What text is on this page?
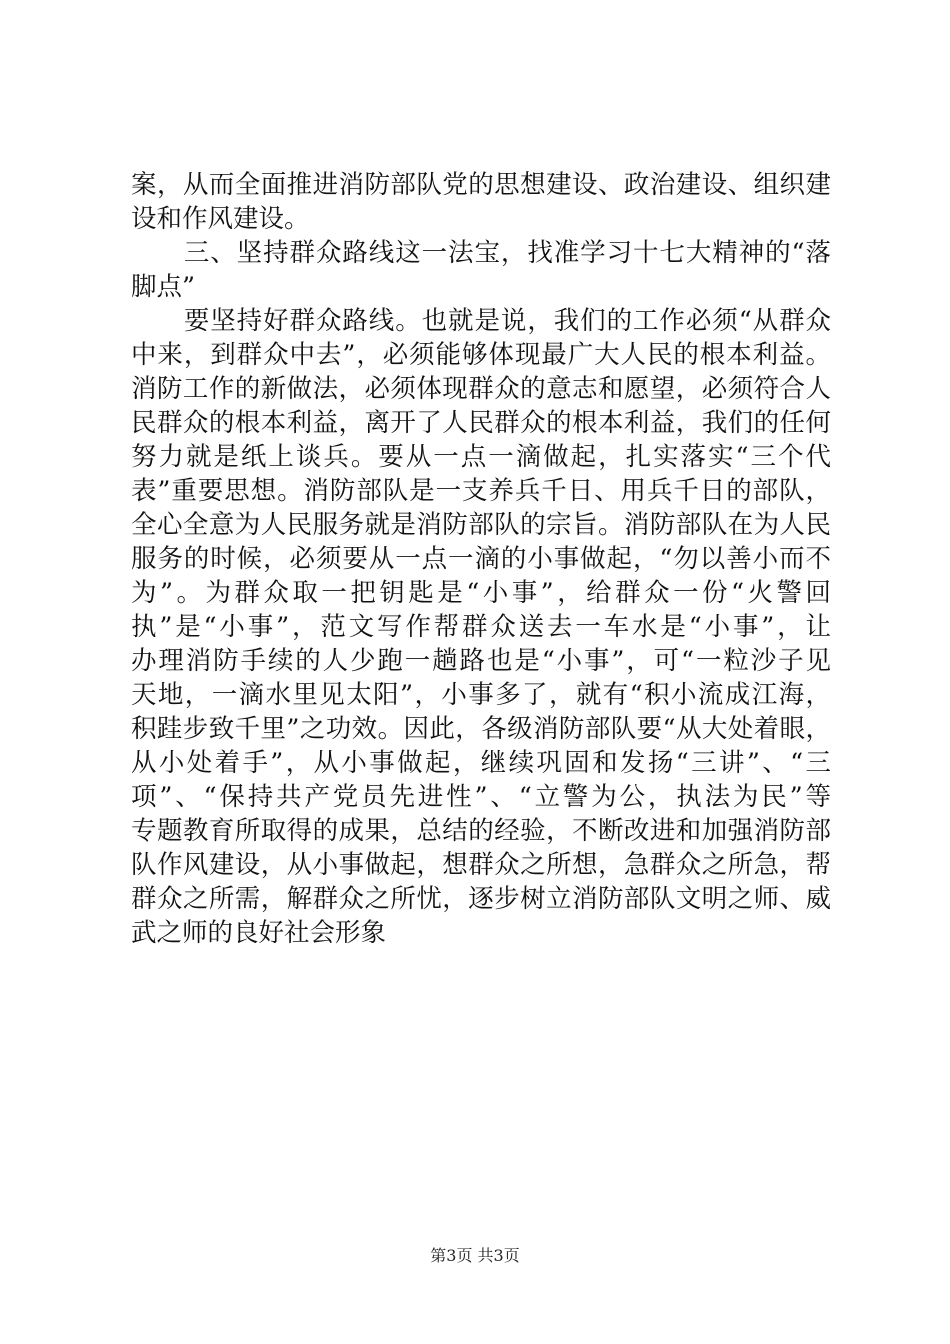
案，从而全面推进消防部队党的思想建设、政治建设、组织建
设和作风建设。
　　三、坚持群众路线这一法宝，找准学习十七大精神的“落
脚点”
　　要坚持好群众路线。也就是说，我们的工作必须“从群众
中来，到群众中去”，必须能够体现最广大人民的根本利益。
消防工作的新做法，必须体现群众的意志和愿望，必须符合人
民群众的根本利益，离开了人民群众的根本利益，我们的任何
努力就是纸上谈兵。要从一点一滴做起，扎实落实“三个代
表”重要思想。消防部队是一支养兵千日、用兵千日的部队，
全心全意为人民服务就是消防部队的宗旨。消防部队在为人民
服务的时候，必须要从一点一滴的小事做起，“勿以善小而不
为”。为群众取一把钥匙是“小事”，给群众一份“火警回
执”是“小事”，范文写作帮群众送去一车水是“小事”，让
办理消防手续的人少跑一趟路也是“小事”，可“一粒沙子见
天地，一滴水里见太阳”，小事多了，就有“积小流成江海，
积跬步致千里”之功效。因此，各级消防部队要“从大处着眼，
从小处着手”，从小事做起，继续巩固和发扬“三讲”、“三
项”、“保持共产党员先进性”、“立警为公，执法为民”等
专题教育所取得的成果，总结的经验，不断改进和加强消防部
队作风建设，从小事做起，想群众之所想，急群众之所急，帮
群众之所需，解群众之所忧，逐步树立消防部队文明之师、威
武之师的良好社会形象
第3页 共3页
